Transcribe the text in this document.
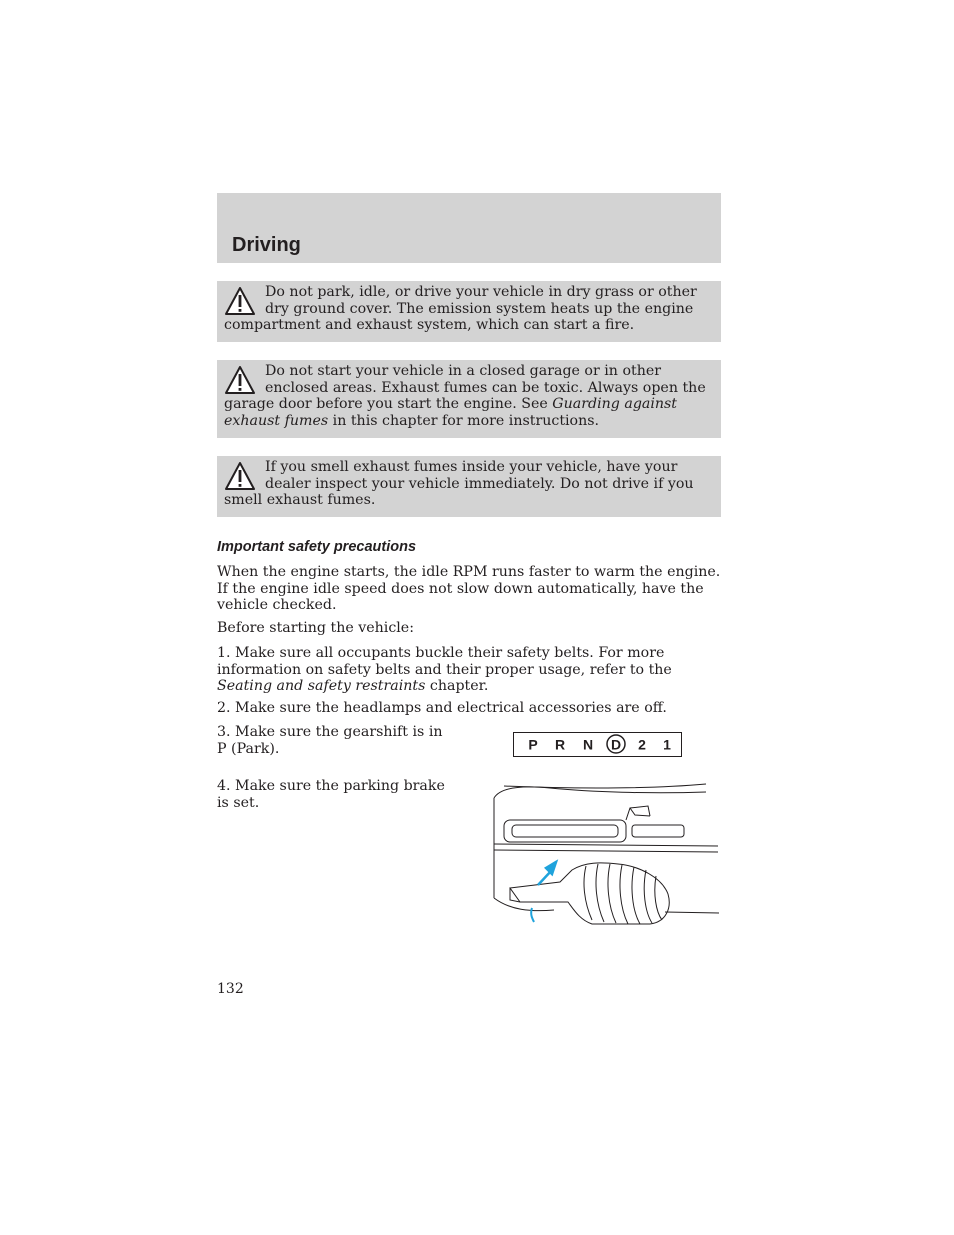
Driving

Do not park, idle, or drive your vehicle in dry grass or other dry ground cover. The emission system heats up the engine compartment and exhaust system, which can start a fire.

Do not start your vehicle in a closed garage or in other enclosed areas. Exhaust fumes can be toxic. Always open the garage door before you start the engine. See Guarding against exhaust fumes in this chapter for more instructions.

If you smell exhaust fumes inside your vehicle, have your dealer inspect your vehicle immediately. Do not drive if you smell exhaust fumes.

Important safety precautions

When the engine starts, the idle RPM runs faster to warm the engine. If the engine idle speed does not slow down automatically, have the vehicle checked.

Before starting the vehicle:

1. Make sure all occupants buckle their safety belts. For more information on safety belts and their proper usage, refer to the Seating and safety restraints chapter.

2. Make sure the headlamps and electrical accessories are off.

3. Make sure the gearshift is in P (Park).

4. Make sure the parking brake is set.

P R N D 2 1

132
